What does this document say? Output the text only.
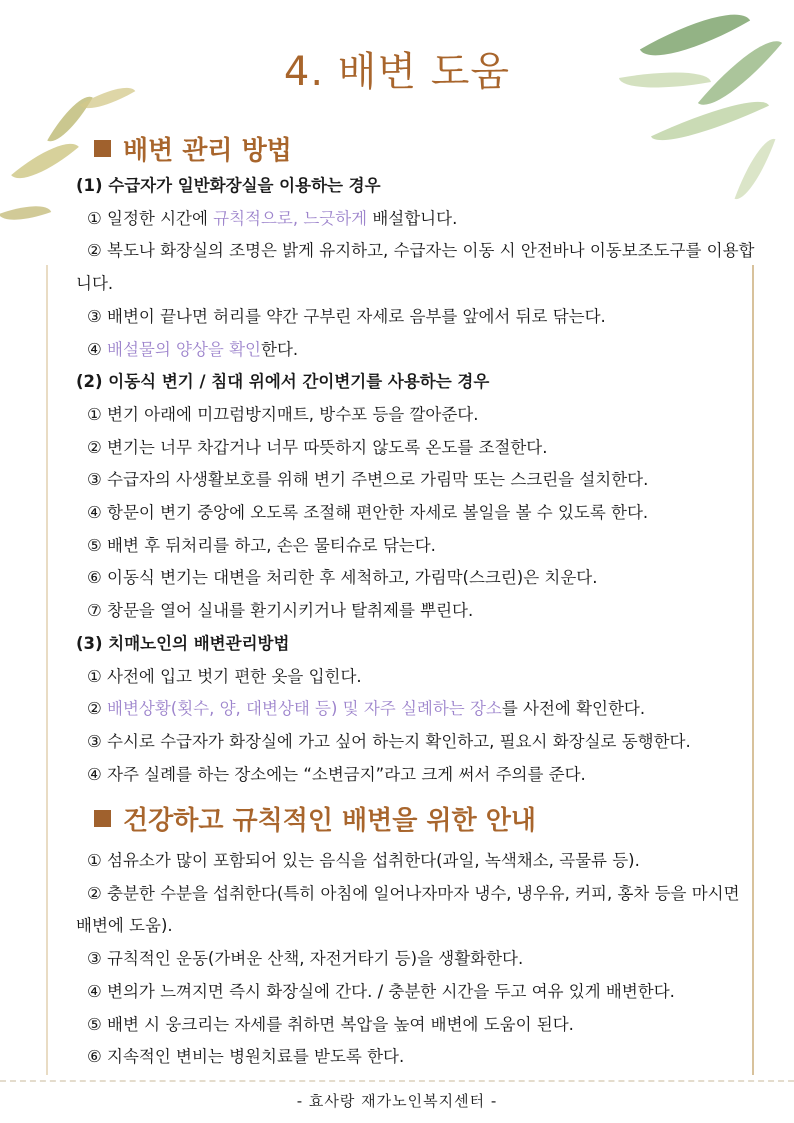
4. 배변 도움
배변 관리 방법
(1) 수급자가 일반화장실을 이용하는 경우
① 일정한 시간에 규칙적으로, 느긋하게 배설합니다.
② 복도나 화장실의 조명은 밝게 유지하고, 수급자는 이동 시 안전바나 이동보조도구를 이용합니다.
③ 배변이 끝나면 허리를 약간 구부린 자세로 음부를 앞에서 뒤로 닦는다.
④ 배설물의 양상을 확인한다.
(2) 이동식 변기 / 침대 위에서 간이변기를 사용하는 경우
① 변기 아래에 미끄럼방지매트, 방수포 등을 깔아준다.
② 변기는 너무 차갑거나 너무 따뜻하지 않도록 온도를 조절한다.
③ 수급자의 사생활보호를 위해 변기 주변으로 가림막 또는 스크린을 설치한다.
④ 항문이 변기 중앙에 오도록 조절해 편안한 자세로 볼일을 볼 수 있도록 한다.
⑤ 배변 후 뒤처리를 하고, 손은 물티슈로 닦는다.
⑥ 이동식 변기는 대변을 처리한 후 세척하고, 가림막(스크린)은 치운다.
⑦ 창문을 열어 실내를 환기시키거나 탈취제를 뿌린다.
(3) 치매노인의 배변관리방법
① 사전에 입고 벗기 편한 옷을 입힌다.
② 배변상황(횟수, 양, 대변상태 등) 및 자주 실례하는 장소를 사전에 확인한다.
③ 수시로 수급자가 화장실에 가고 싶어 하는지 확인하고, 필요시 화장실로 동행한다.
④ 자주 실례를 하는 장소에는 “소변금지”라고 크게 써서 주의를 준다.
건강하고 규칙적인 배변을 위한 안내
① 섬유소가 많이 포함되어 있는 음식을 섭취한다(과일, 녹색채소, 곡물류 등).
② 충분한 수분을 섭취한다(특히 아침에 일어나자마자 냉수, 냉우유, 커피, 홍차 등을 마시면 배변에 도움).
③ 규칙적인 운동(가벼운 산책, 자전거타기 등)을 생활화한다.
④ 변의가 느껴지면 즉시 화장실에 간다. / 충분한 시간을 두고 여유 있게 배변한다.
⑤ 배변 시 웅크리는 자세를 취하면 복압을 높여 배변에 도움이 된다.
⑥ 지속적인 변비는 병원치료를 받도록 한다.
- 효사랑 재가노인복지센터 -
